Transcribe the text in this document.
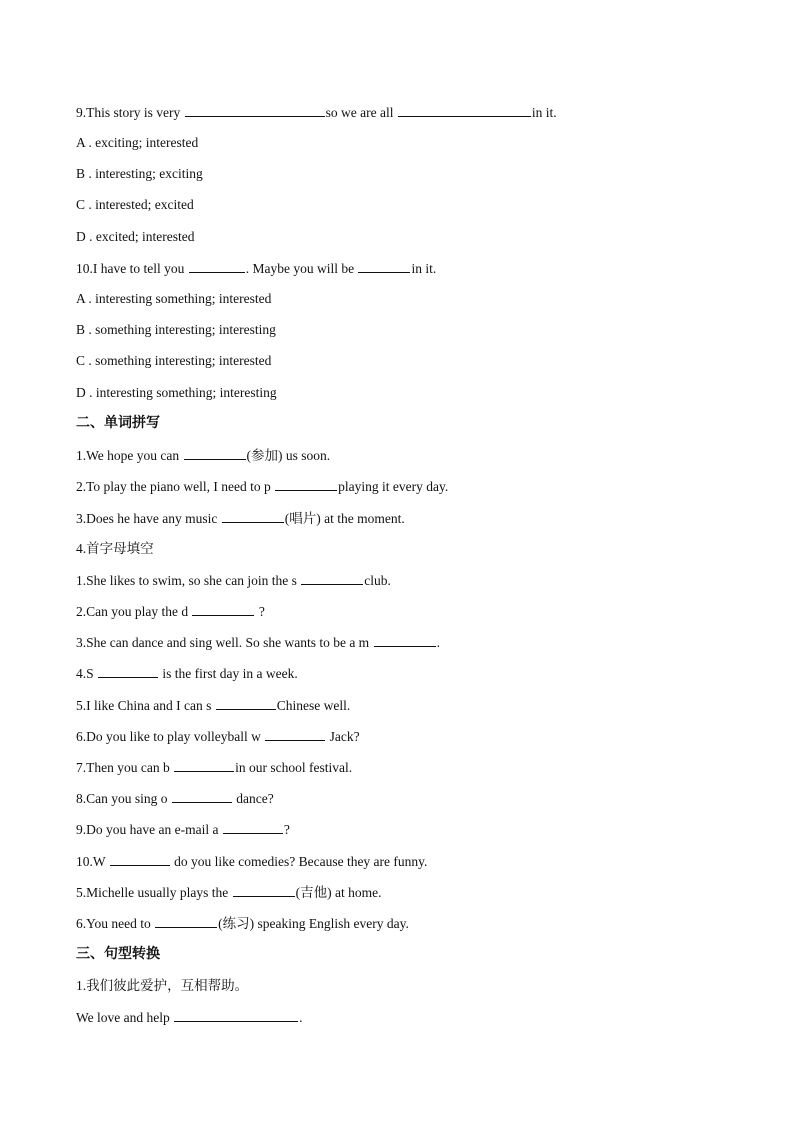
9.This story is very	so we are all	in it.
A . exciting; interested
B . interesting; exciting
C . interested; excited
D . excited; interested
10.I have to tell you	. Maybe you will be	in it.
A . interesting something; interested
B . something interesting; interesting
C . something interesting; interested
D . interesting something; interesting
二、单词拼写
1.We hope you can	(参加) us soon.
2.To play the piano well, I need to p	playing it every day.
3.Does he have any music	(唱片) at the moment.
4.首字母填空
1.She likes to swim, so she can join the s	club.
2.Can you play the d	?
3.She can dance and sing well. So she wants to be a m	.
4.S	is the first day in a week.
5.I like China and I can s	Chinese well.
6.Do you like to play volleyball w	Jack?
7.Then you can b	in our school festival.
8.Can you sing o	dance?
9.Do you have an e-mail a	?
10.W	do you like comedies? Because they are funny.
5.Michelle usually plays the	(吉他) at home.
6.You need to	(练习) speaking English every day.
三、句型转换
1.我们彼此爱护，互相帮助。
We love and help	.
